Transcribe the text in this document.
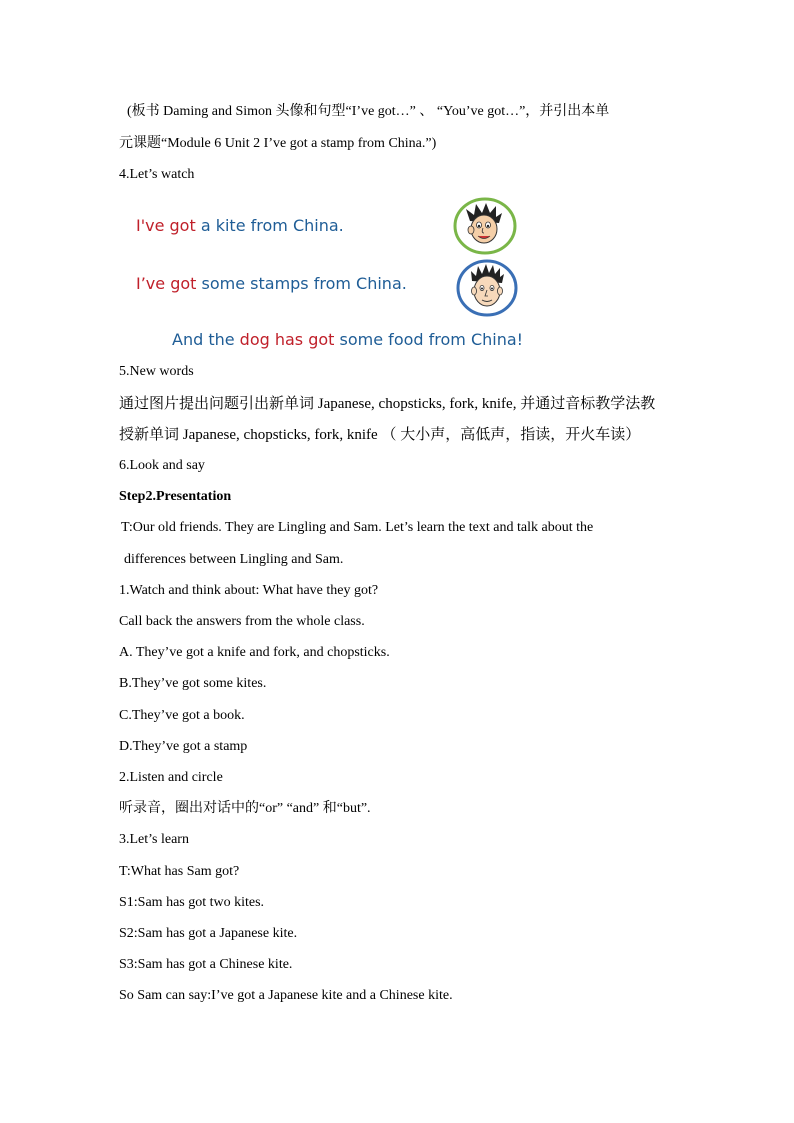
(板书 Daming and Simon 头像和句型“I’ve got…” 、 “You’ve got…”，并引出本单
元课题“Module 6 Unit 2 I’ve got a stamp from China.”)
4.Let’s watch
I've got a kite from China.
I’ve got some stamps from China.
And the dog has got some food from China!
5.New words
通过图片提出问题引出新单词 Japanese, chopsticks, fork, knife, 并通过音标教学法教
授新单词 Japanese, chopsticks, fork, knife （ 大小声，高低声，指读，开火车读）
6.Look and say
Step2.Presentation
T:Our old friends. They are Lingling and Sam. Let’s learn the text and talk about the
differences between Lingling and Sam.
1.Watch and think about: What have they got?
Call back the answers from the whole class.
A. They’ve got a knife and fork, and chopsticks.
B.They’ve got some kites.
C.They’ve got a book.
D.They’ve got a stamp
2.Listen and circle
听录音，圈出对话中的“or” “and” 和“but”.
3.Let’s learn
T:What has Sam got?
S1:Sam has got two kites.
S2:Sam has got a Japanese kite.
S3:Sam has got a Chinese kite.
So Sam can say:I’ve got a Japanese kite and a Chinese kite.
